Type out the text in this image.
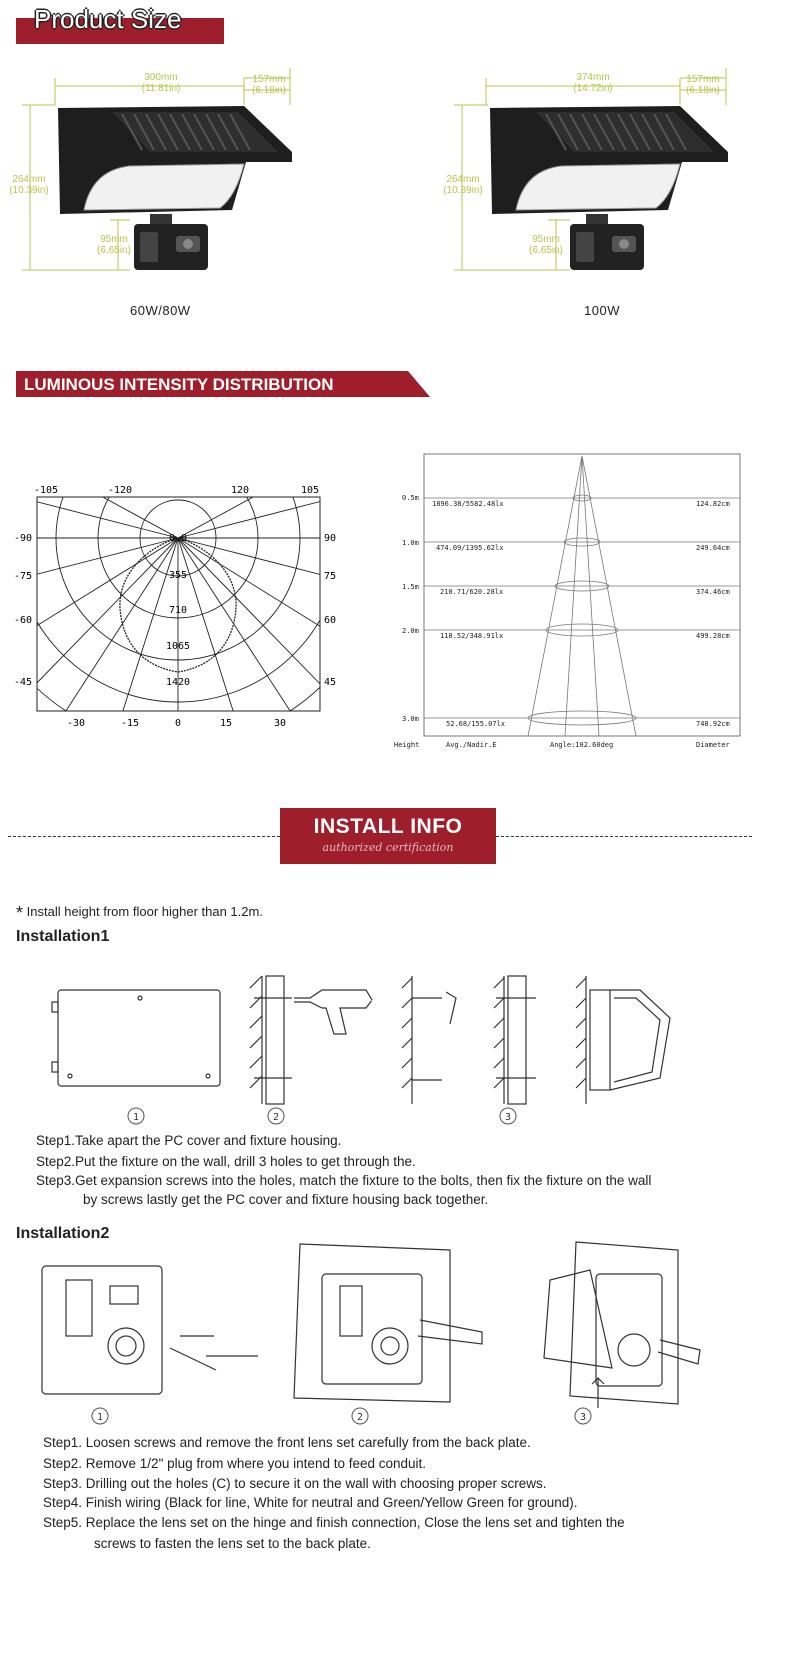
Product Size
300mm
(11.81in)
157mm
(6.18in)
264mm
(10.39in)
95mm
(6.65in)
60W/80W
374mm
(14.72in)
157mm
(6.18in)
264mm
(10.39in)
95mm
(6.65in)
100W
LUMINOUS INTENSITY DISTRIBUTION
-105	-120	120	105
-90
-75
-60
-45
90
75
60
45
-30	-15	0	15	30
0.0
355
710
1065
1420
0.5m
1896.38/5582.48lx	124.82cm
1.0m
474.09/1395.62lx	249.64cm
1.5m
210.71/620.28lx	374.46cm
2.0m
118.52/348.91lx	499.28cm
3.0m
52.68/155.07lx	748.92cm
Height	Avg./Nadir.E	Angle:102.60deg	Diameter
INSTALL INFO
authorized certification
* Install height from floor higher than 1.2m.
Installation1
★★★★★
1	2	3
Step1.Take apart the PC cover and fixture housing.
Step2.Put the fixture on the wall, drill 3 holes to get through the.
Step3.Get expansion screws into the holes, match the fixture to the bolts, then fix the fixture on the wall
by screws lastly get the PC cover and fixture housing back together.
Installation2
1	2	3
Step1. Loosen screws and remove the front lens set carefully from the back plate.
Step2. Remove 1/2" plug from where you intend to feed conduit.
Step3. Drilling out the holes (C) to secure it on the wall with choosing proper screws.
Step4. Finish wiring (Black for line, White for neutral and Green/Yellow Green for ground).
Step5. Replace the lens set on the hinge and finish connection, Close the lens set and tighten the
screws to fasten the lens set to the back plate.
